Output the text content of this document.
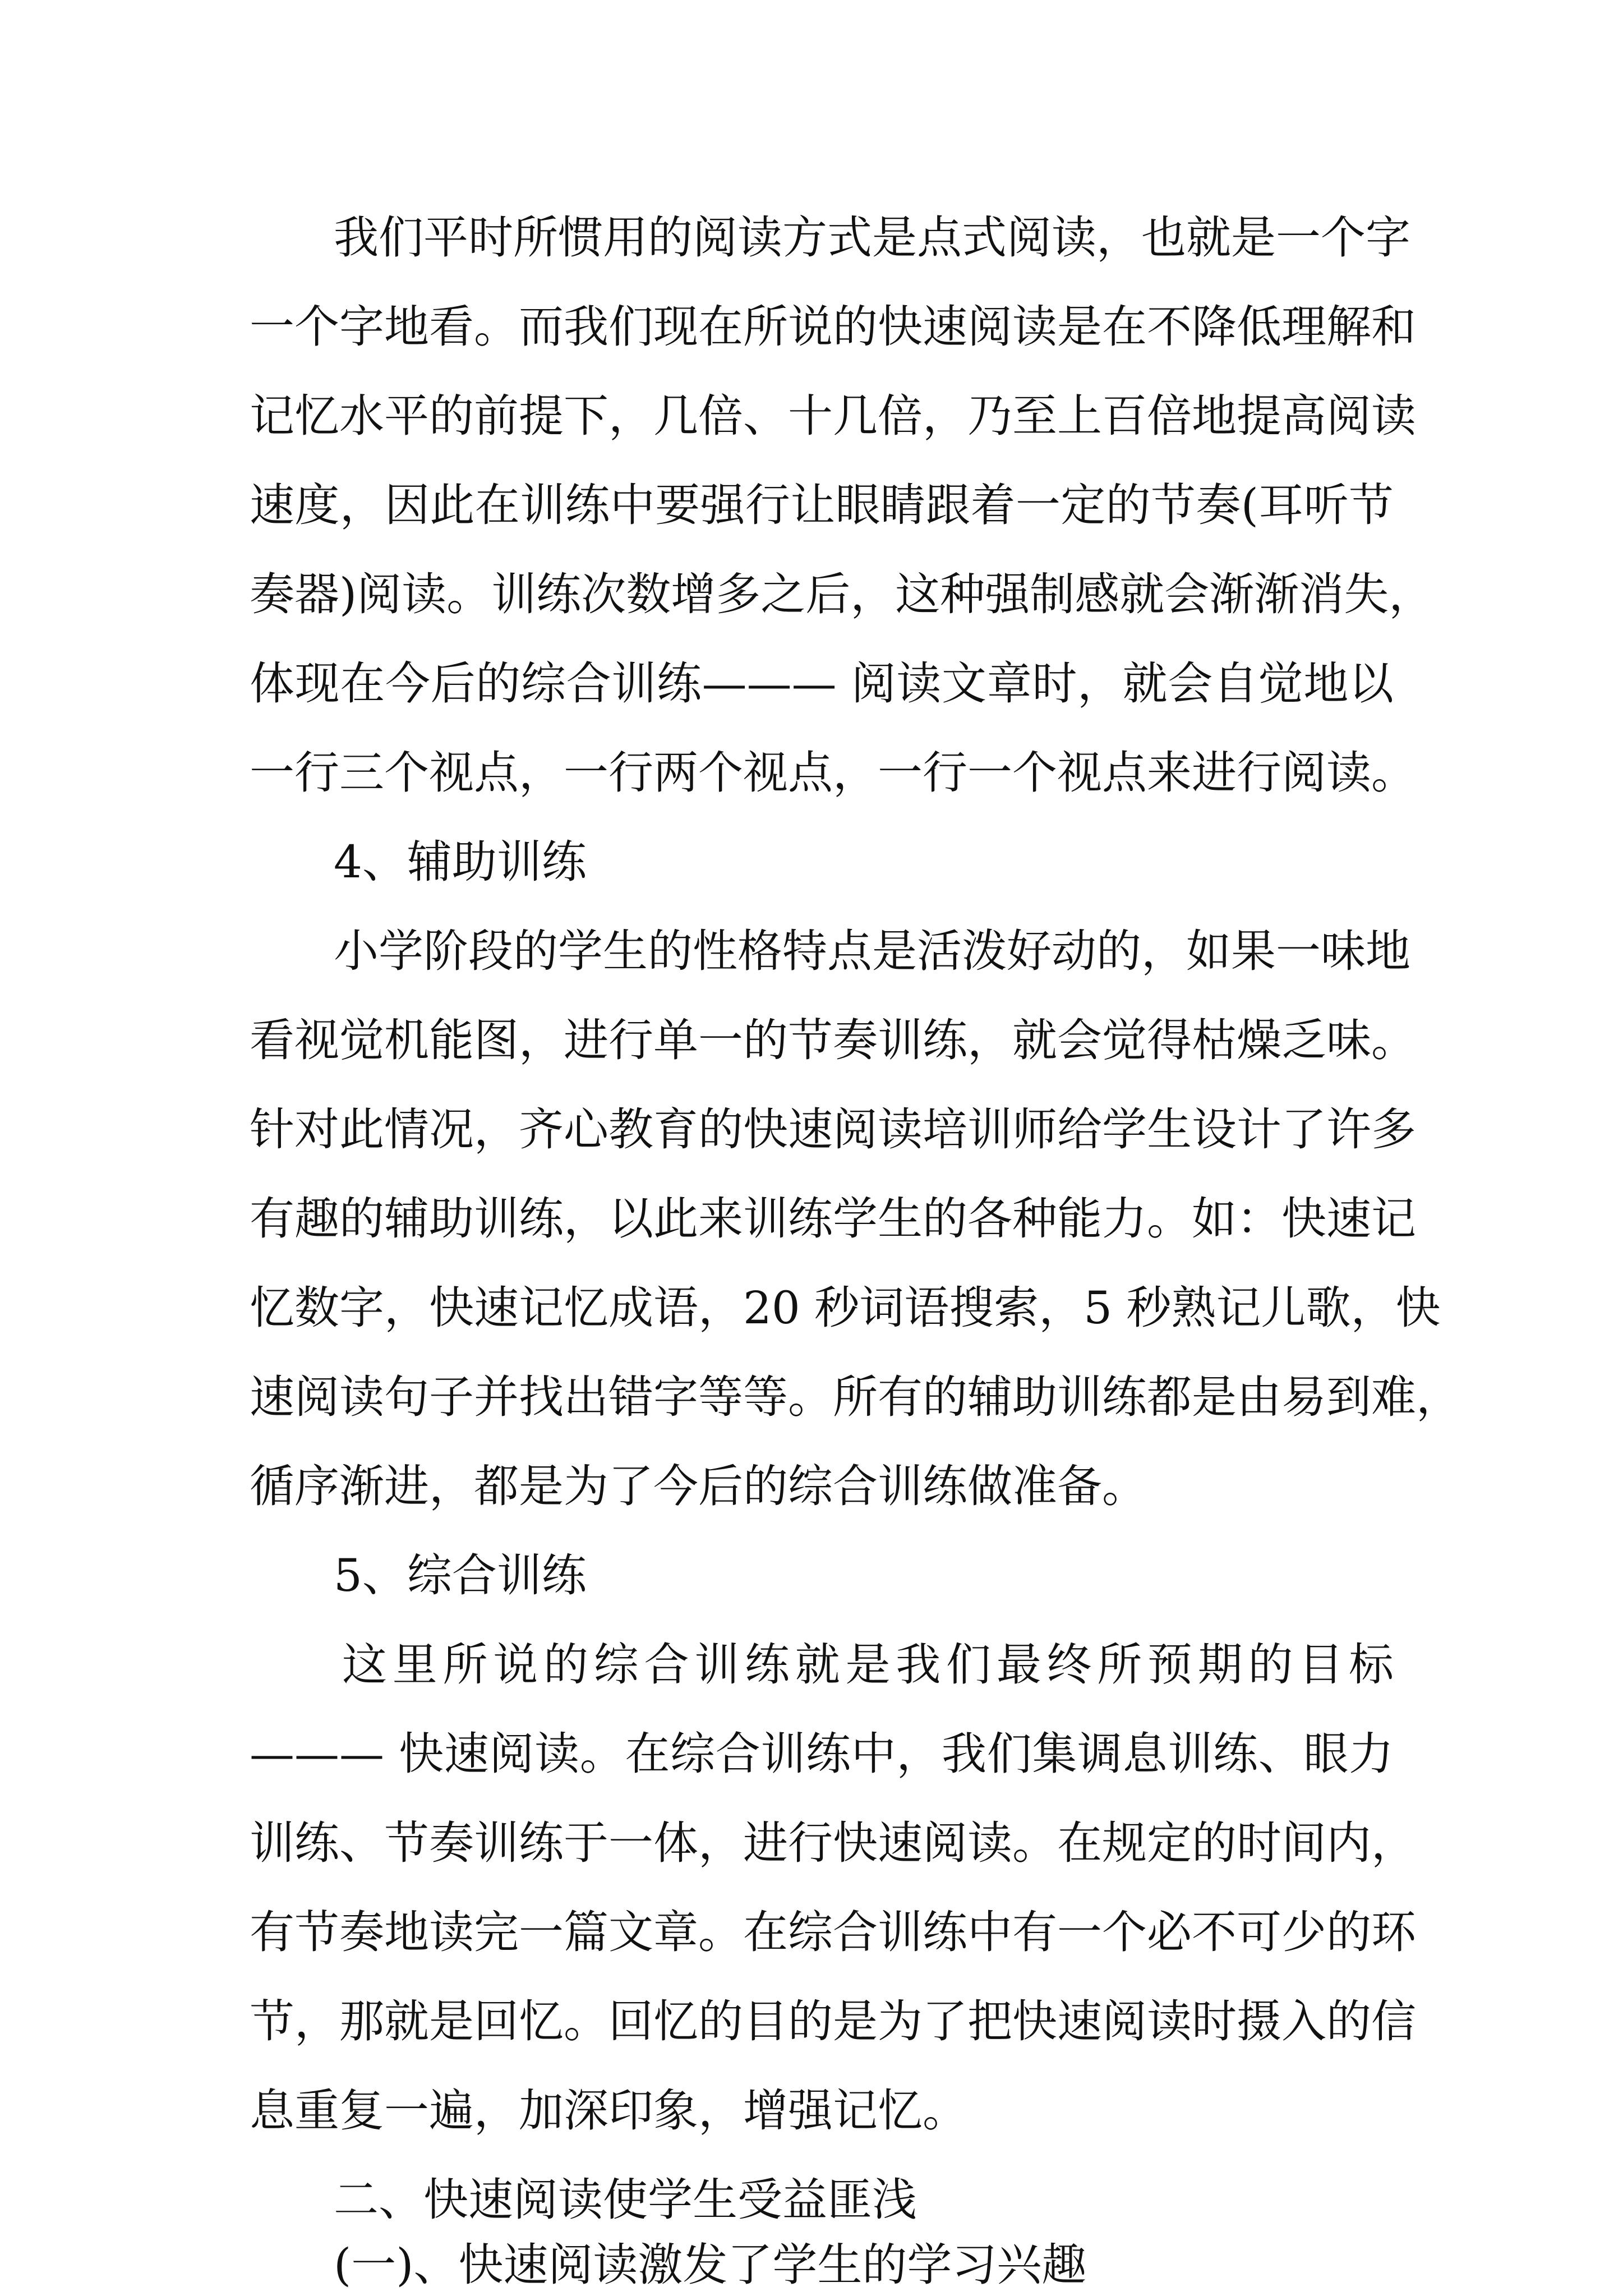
我们平时所惯用的阅读方式是点式阅读，也就是一个字
一个字地看。而我们现在所说的快速阅读是在不降低理解和
记忆水平的前提下，几倍、十几倍，乃至上百倍地提高阅读
速度，因此在训练中要强行让眼睛跟着一定的节奏(耳听节
奏器)阅读。训练次数增多之后，这种强制感就会渐渐消失，
体现在今后的综合训练——— 阅读文章时，就会自觉地以
一行三个视点，一行两个视点，一行一个视点来进行阅读。
4、辅助训练
小学阶段的学生的性格特点是活泼好动的，如果一味地
看视觉机能图，进行单一的节奏训练，就会觉得枯燥乏味。
针对此情况，齐心教育的快速阅读培训师给学生设计了许多
有趣的辅助训练，以此来训练学生的各种能力。如：快速记
忆数字，快速记忆成语，20 秒词语搜索，5 秒熟记儿歌，快
速阅读句子并找出错字等等。所有的辅助训练都是由易到难，
循序渐进，都是为了今后的综合训练做准备。
5、综合训练
这里所说的综合训练就是我们最终所预期的目标
——— 快速阅读。在综合训练中，我们集调息训练、眼力
训练、节奏训练于一体，进行快速阅读。在规定的时间内，
有节奏地读完一篇文章。在综合训练中有一个必不可少的环
节，那就是回忆。回忆的目的是为了把快速阅读时摄入的信
息重复一遍，加深印象，增强记忆。
二、快速阅读使学生受益匪浅
(一)、快速阅读激发了学生的学习兴趣
